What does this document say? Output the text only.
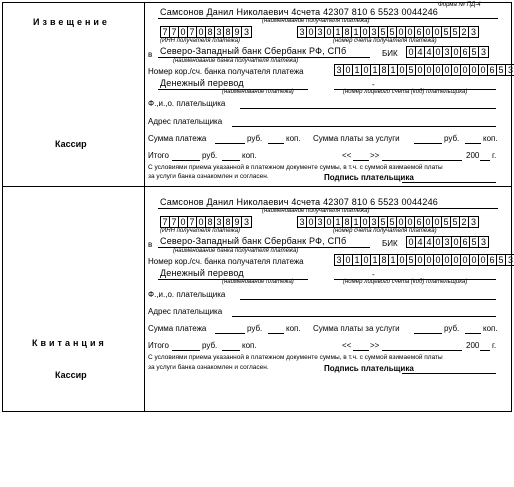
Форма № ПД-4
Извещение
Кассир
Самсонов Данил Николаевич 4счета 42307 810 6 5523 0044246
(наименование получателя платежа)
7 7 0 7 0 8 3 8 9 3
(ИНН получателя платежа)
3 0 3 0 1 8 1 0 3 5 5 0 0 6 0 0 5 5 2 3
(номер счета получателя платежа)
в Северо-Западный банк Сбербанк РФ, СПб	БИК 0 4 4 0 3 0 6 5 3
(наименование банка получателя платежа)
Номер кор./сч. банка получателя платежа	3 0 1 0 1 8 1 0 5 0 0 0 0 0 0 0 0 6 5 3
Денежный перевод	-
(наименование платежа)	(номер лицевого счета (код) плательщика)
Ф.,и.,о. плательщика
Адрес плательщика
Сумма платежа	руб.	коп. Сумма платы за услуги	руб.	коп.
Итого	руб.	коп.	<< >>	200 г.
С условиями приема указанной в платежном документе суммы, в т.ч. с суммой взимаемой платы
за услуги банка ознакомлен и согласен.	Подпись плательщика
Квитанция
Кассир
Самсонов Данил Николаевич 4счета 42307 810 6 5523 0044246
(наименование получателя платежа)
7 7 0 7 0 8 3 8 9 3
(ИНН получателя платежа)
3 0 3 0 1 8 1 0 3 5 5 0 0 6 0 0 5 5 2 3
(номер счета получателя платежа)
в Северо-Западный банк Сбербанк РФ, СПб	БИК 0 4 4 0 3 0 6 5 3
(наименование банка получателя платежа)
Номер кор./сч. банка получателя платежа	3 0 1 0 1 8 1 0 5 0 0 0 0 0 0 0 0 6 5 3
Денежный перевод	-
(наименование платежа)	(номер лицевого счета (код) плательщика)
Ф.,и.,о. плательщика
Адрес плательщика
Сумма платежа	руб.	коп. Сумма платы за услуги	руб.	коп.
Итого	руб.	коп.	<< >>	200 г.
С условиями приема указанной в платежном документе суммы, в т.ч. с суммой взимаемой платы
за услуги банка ознакомлен и согласен.	Подпись плательщика
